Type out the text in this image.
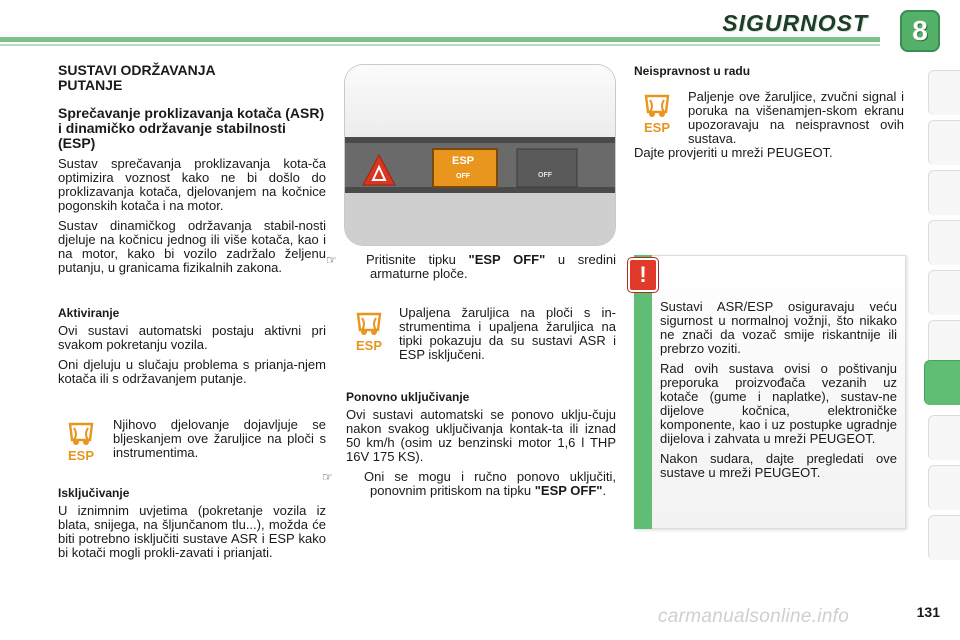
SIGURNOST	8
SUSTAVI ODRŽAVANJA PUTANJE
Sprečavanje proklizavanja kotača (ASR) i dinamičko održavanje stabilnosti (ESP)

Sustav sprečavanja proklizavanja kota-ča optimizira voznost kako ne bi došlo do proklizavanja kotača, djelovanjem na kočnice pogonskih kotača i na motor.

Sustav dinamičkog održavanja stabil-nosti djeluje na kočnicu jednog ili više kotača, kao i na motor, kako bi vozilo zadržalo željenu putanju, u granicama fizikalnih zakona.

Aktiviranje

Ovi sustavi automatski postaju aktivni pri svakom pokretanju vozila.

Oni djeluju u slučaju problema s prianja-njem kotača ili s održavanjem putanje.

ESP

Njihovo djelovanje dojavljuje se bljeskanjem ove žaruljice na ploči s instrumentima.

Isključivanje

U iznimnim uvjetima (pokretanje vozila iz blata, snijega, na šljunčanom tlu...), možda će biti potrebno isključiti sustave ASR i ESP kako bi kotači mogli prokli-zavati i prianjati.

ESP
OFF	OFF

☞ Pritisnite tipku "ESP OFF" u sredini armaturne ploče.

ESP

Upaljena žaruljica na ploči s in-strumentima i upaljena žaruljica na tipki pokazuju da su sustavi ASR i ESP isključeni.

Ponovno uključivanje

Ovi sustavi automatski se ponovo uklju-čuju nakon svakog uključivanja kontak-ta ili iznad 50 km/h (osim uz benzinski motor 1,6 l THP 16V 175 KS).

☞ Oni se mogu i ručno ponovo uključiti, ponovnim pritiskom na tipku "ESP OFF".

Neispravnost u radu
ESP

Paljenje ove žaruljice, zvučni signal i poruka na višenamjen-skom ekranu upozoravaju na neispravnost ovih sustava.

Dajte provjeriti u mreži PEUGEOT.

!

Sustavi ASR/ESP osiguravaju veću sigurnost u normalnoj vožnji, što nikako ne znači da vozač smije riskantnije ili prebrzo voziti.

Rad ovih sustava ovisi o poštivanju preporuka proizvođača vezanih uz kotače (gume i naplatke), sustav-ne dijelove kočnica, elektroničke komponente, kao i uz postupke ugradnje dijelova i zahvata u mreži PEUGEOT.

Nakon sudara, dajte pregledati ove sustave u mreži PEUGEOT.

carmanualsonline.info	131
